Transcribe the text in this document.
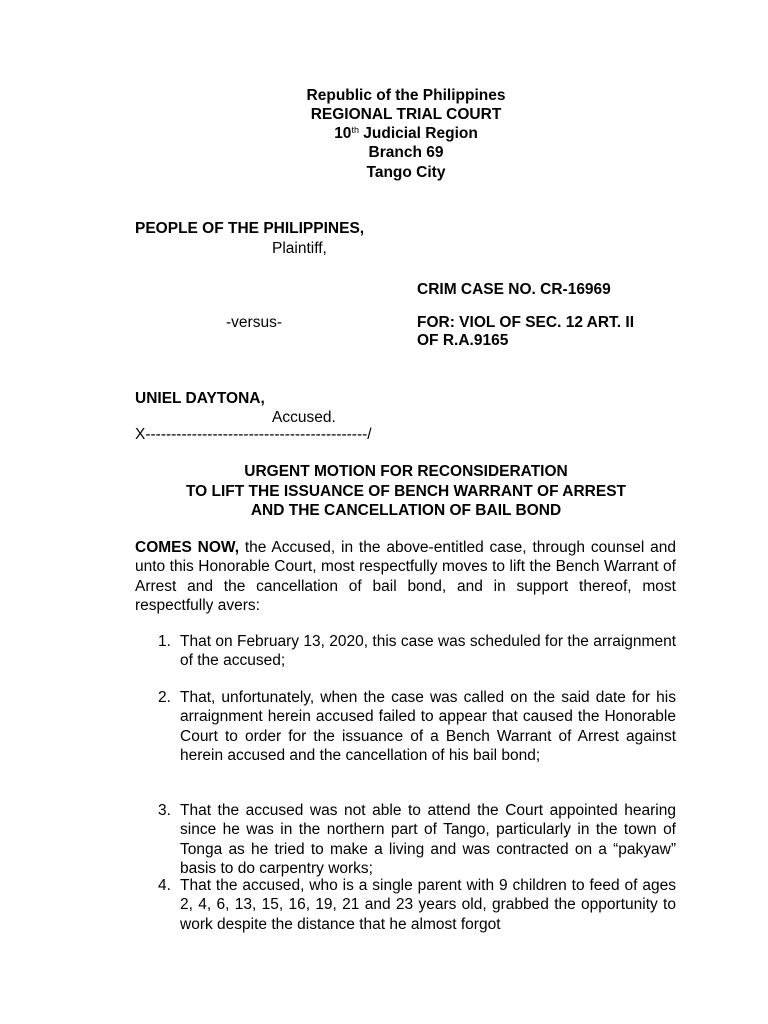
Republic of the Philippines
REGIONAL TRIAL COURT
10th Judicial Region
Branch 69
Tango City
PEOPLE OF THE PHILIPPINES,
Plaintiff,
CRIM CASE NO. CR-16969
-versus-	FOR: VIOL OF SEC. 12 ART. II
OF R.A.9165
UNIEL DAYTONA,
Accused.
X-------------------------------------------/
URGENT MOTION FOR RECONSIDERATION
TO LIFT THE ISSUANCE OF BENCH WARRANT OF ARREST
AND THE CANCELLATION OF BAIL BOND

COMES NOW, the Accused, in the above-entitled case, through counsel and unto this Honorable Court, most respectfully moves to lift the Bench Warrant of Arrest and the cancellation of bail bond, and in support thereof, most respectfully avers:

1. That on February 13, 2020, this case was scheduled for the arraignment of the accused;
2. That, unfortunately, when the case was called on the said date for his arraignment herein accused failed to appear that caused the Honorable Court to order for the issuance of a Bench Warrant of Arrest against herein accused and the cancellation of his bail bond;
3. That the accused was not able to attend the Court appointed hearing since he was in the northern part of Tango, particularly in the town of Tonga as he tried to make a living and was contracted on a “pakyaw” basis to do carpentry works;
4. That the accused, who is a single parent with 9 children to feed of ages 2, 4, 6, 13, 15, 16, 19, 21 and 23 years old, grabbed the opportunity to work despite the distance that he almost forgot
